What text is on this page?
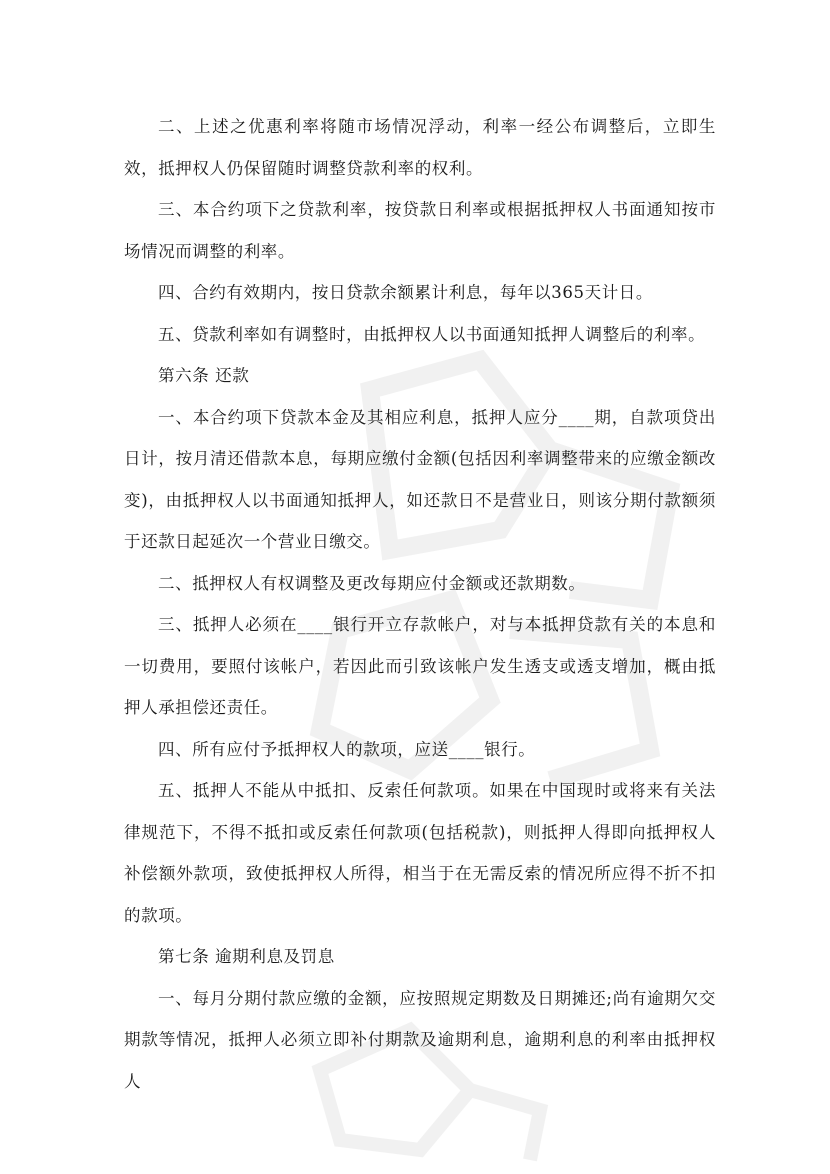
二、上述之优惠利率将随市场情况浮动，利率一经公布调整后，立即生效，抵押权人仍保留随时调整贷款利率的权利。

三、本合约项下之贷款利率，按贷款日利率或根据抵押权人书面通知按市场情况而调整的利率。

四、合约有效期内，按日贷款余额累计利息，每年以365天计日。

五、贷款利率如有调整时，由抵押权人以书面通知抵押人调整后的利率。

第六条 还款

一、本合约项下贷款本金及其相应利息，抵押人应分____期，自款项贷出日计，按月清还借款本息，每期应缴付金额(包括因利率调整带来的应缴金额改变)，由抵押权人以书面通知抵押人，如还款日不是营业日，则该分期付款额须于还款日起延次一个营业日缴交。

二、抵押权人有权调整及更改每期应付金额或还款期数。

三、抵押人必须在____银行开立存款帐户，对与本抵押贷款有关的本息和一切费用，要照付该帐户，若因此而引致该帐户发生透支或透支增加，概由抵押人承担偿还责任。

四、所有应付予抵押权人的款项，应送____银行。

五、抵押人不能从中抵扣、反索任何款项。如果在中国现时或将来有关法律规范下，不得不抵扣或反索任何款项(包括税款)，则抵押人得即向抵押权人补偿额外款项，致使抵押权人所得，相当于在无需反索的情况所应得不折不扣的款项。

第七条 逾期利息及罚息

一、每月分期付款应缴的金额，应按照规定期数及日期摊还;尚有逾期欠交期款等情况，抵押人必须立即补付期款及逾期利息，逾期利息的利率由抵押权人
